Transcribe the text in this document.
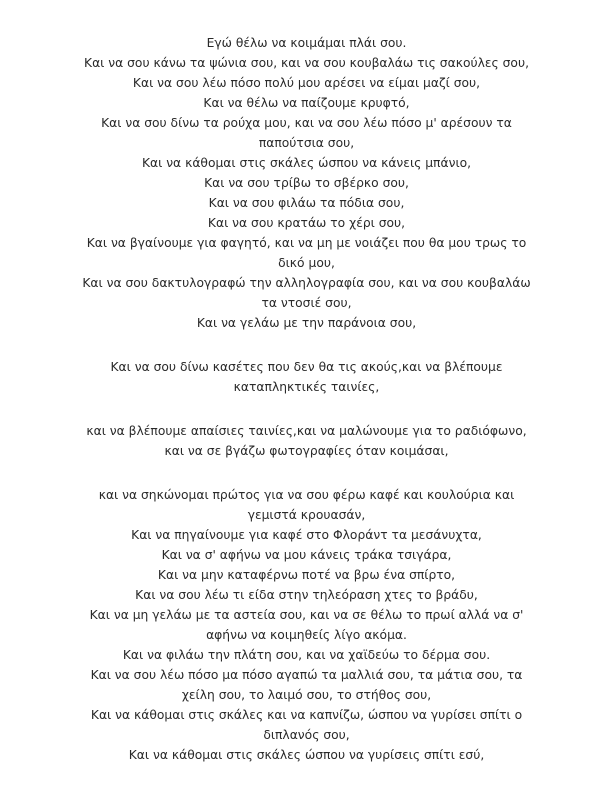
Εγώ θέλω να κοιμάμαι πλάι σου.
Και να σου κάνω τα ψώνια σου, και να σου κουβαλάω τις σακούλες σου,
Και να σου λέω πόσο πολύ μου αρέσει να είμαι μαζί σου,
Και να θέλω να παίζουμε κρυφτό,
Και να σου δίνω τα ρούχα μου, και να σου λέω πόσο μ' αρέσουν τα
παπούτσια σου,
Και να κάθομαι στις σκάλες ώσπου να κάνεις μπάνιο,
Και να σου τρίβω το σβέρκο σου,
Και να σου φιλάω τα πόδια σου,
Και να σου κρατάω το χέρι σου,
Και να βγαίνουμε για φαγητό, και να μη με νοιάζει που θα μου τρως το
δικό μου,
Και να σου δακτυλογραφώ την αλληλογραφία σου, και να σου κουβαλάω
τα ντοσιέ σου,
Και να γελάω με την παράνοια σου,
Και να σου δίνω κασέτες που δεν θα τις ακούς,και να βλέπουμε
καταπληκτικές ταινίες,
και να βλέπουμε απαίσιες ταινίες,και να μαλώνουμε για το ραδιόφωνο,
και να σε βγάζω φωτογραφίες όταν κοιμάσαι,
και να σηκώνομαι πρώτος για να σου φέρω καφέ και κουλούρια και
γεμιστά κρουασάν,
Και να πηγαίνουμε για καφέ στο Φλοράντ τα μεσάνυχτα,
Και να σ' αφήνω να μου κάνεις τράκα τσιγάρα,
Και να μην καταφέρνω ποτέ να βρω ένα σπίρτο,
Και να σου λέω τι είδα στην τηλεόραση χτες το βράδυ,
Και να μη γελάω με τα αστεία σου, και να σε θέλω το πρωί αλλά να σ'
αφήνω να κοιμηθείς λίγο ακόμα.
Και να φιλάω την πλάτη σου, και να χαϊδεύω το δέρμα σου.
Και να σου λέω πόσο μα πόσο αγαπώ τα μαλλιά σου, τα μάτια σου, τα
χείλη σου, το λαιμό σου, το στήθος σου,
Και να κάθομαι στις σκάλες και να καπνίζω, ώσπου να γυρίσει σπίτι ο
διπλανός σου,
Και να κάθομαι στις σκάλες ώσπου να γυρίσεις σπίτι εσύ,
